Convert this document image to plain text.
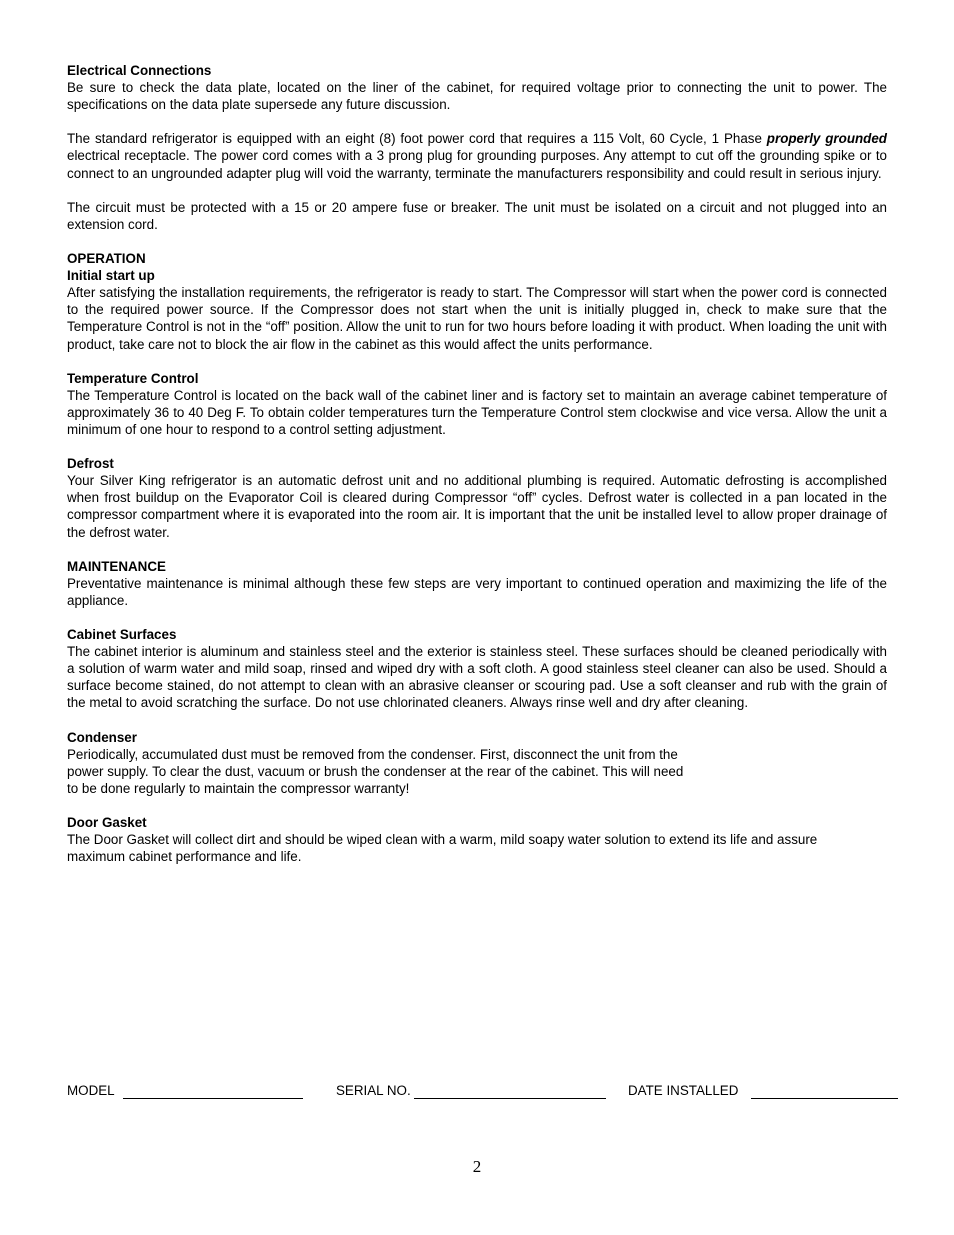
Electrical Connections
Be sure to check the data plate, located on the liner of the cabinet, for required voltage prior to connecting the unit to power. The specifications on the data plate supersede any future discussion.
The standard refrigerator is equipped with an eight (8) foot power cord that requires a 115 Volt, 60 Cycle, 1 Phase properly grounded electrical receptacle. The power cord comes with a 3 prong plug for grounding purposes. Any attempt to cut off the grounding spike or to connect to an ungrounded adapter plug will void the warranty, terminate the manufacturers responsibility and could result in serious injury.
The circuit must be protected with a 15 or 20 ampere fuse or breaker. The unit must be isolated on a circuit and not plugged into an extension cord.
OPERATION
Initial start up
After satisfying the installation requirements, the refrigerator is ready to start. The Compressor will start when the power cord is connected to the required power source. If the Compressor does not start when the unit is initially plugged in, check to make sure that the Temperature Control is not in the “off” position. Allow the unit to run for two hours before loading it with product. When loading the unit with product, take care not to block the air flow in the cabinet as this would affect the units performance.
Temperature Control
The Temperature Control is located on the back wall of the cabinet liner and is factory set to maintain an average cabinet temperature of approximately 36 to 40 Deg F. To obtain colder temperatures turn the Temperature Control stem clockwise and vice versa. Allow the unit a minimum of one hour to respond to a control setting adjustment.
Defrost
Your Silver King refrigerator is an automatic defrost unit and no additional plumbing is required. Automatic defrosting is accomplished when frost buildup on the Evaporator Coil is cleared during Compressor “off” cycles. Defrost water is collected in a pan located in the compressor compartment where it is evaporated into the room air. It is important that the unit be installed level to allow proper drainage of the defrost water.
MAINTENANCE
Preventative maintenance is minimal although these few steps are very important to continued operation and maximizing the life of the appliance.
Cabinet Surfaces
The cabinet interior is aluminum and stainless steel and the exterior is stainless steel. These surfaces should be cleaned periodically with a solution of warm water and mild soap, rinsed and wiped dry with a soft cloth. A good stainless steel cleaner can also be used. Should a surface become stained, do not attempt to clean with an abrasive cleanser or scouring pad. Use a soft cleanser and rub with the grain of the metal to avoid scratching the surface. Do not use chlorinated cleaners. Always rinse well and dry after cleaning.
Condenser
Periodically, accumulated dust must be removed from the condenser. First, disconnect the unit from the
power supply. To clear the dust, vacuum or brush the condenser at the rear of the cabinet. This will need
to be done regularly to maintain the compressor warranty!
Door Gasket
The Door Gasket will collect dirt and should be wiped clean with a warm, mild soapy water solution to extend its life and assure
maximum cabinet performance and life.
MODEL	SERIAL NO.	DATE INSTALLED
2
